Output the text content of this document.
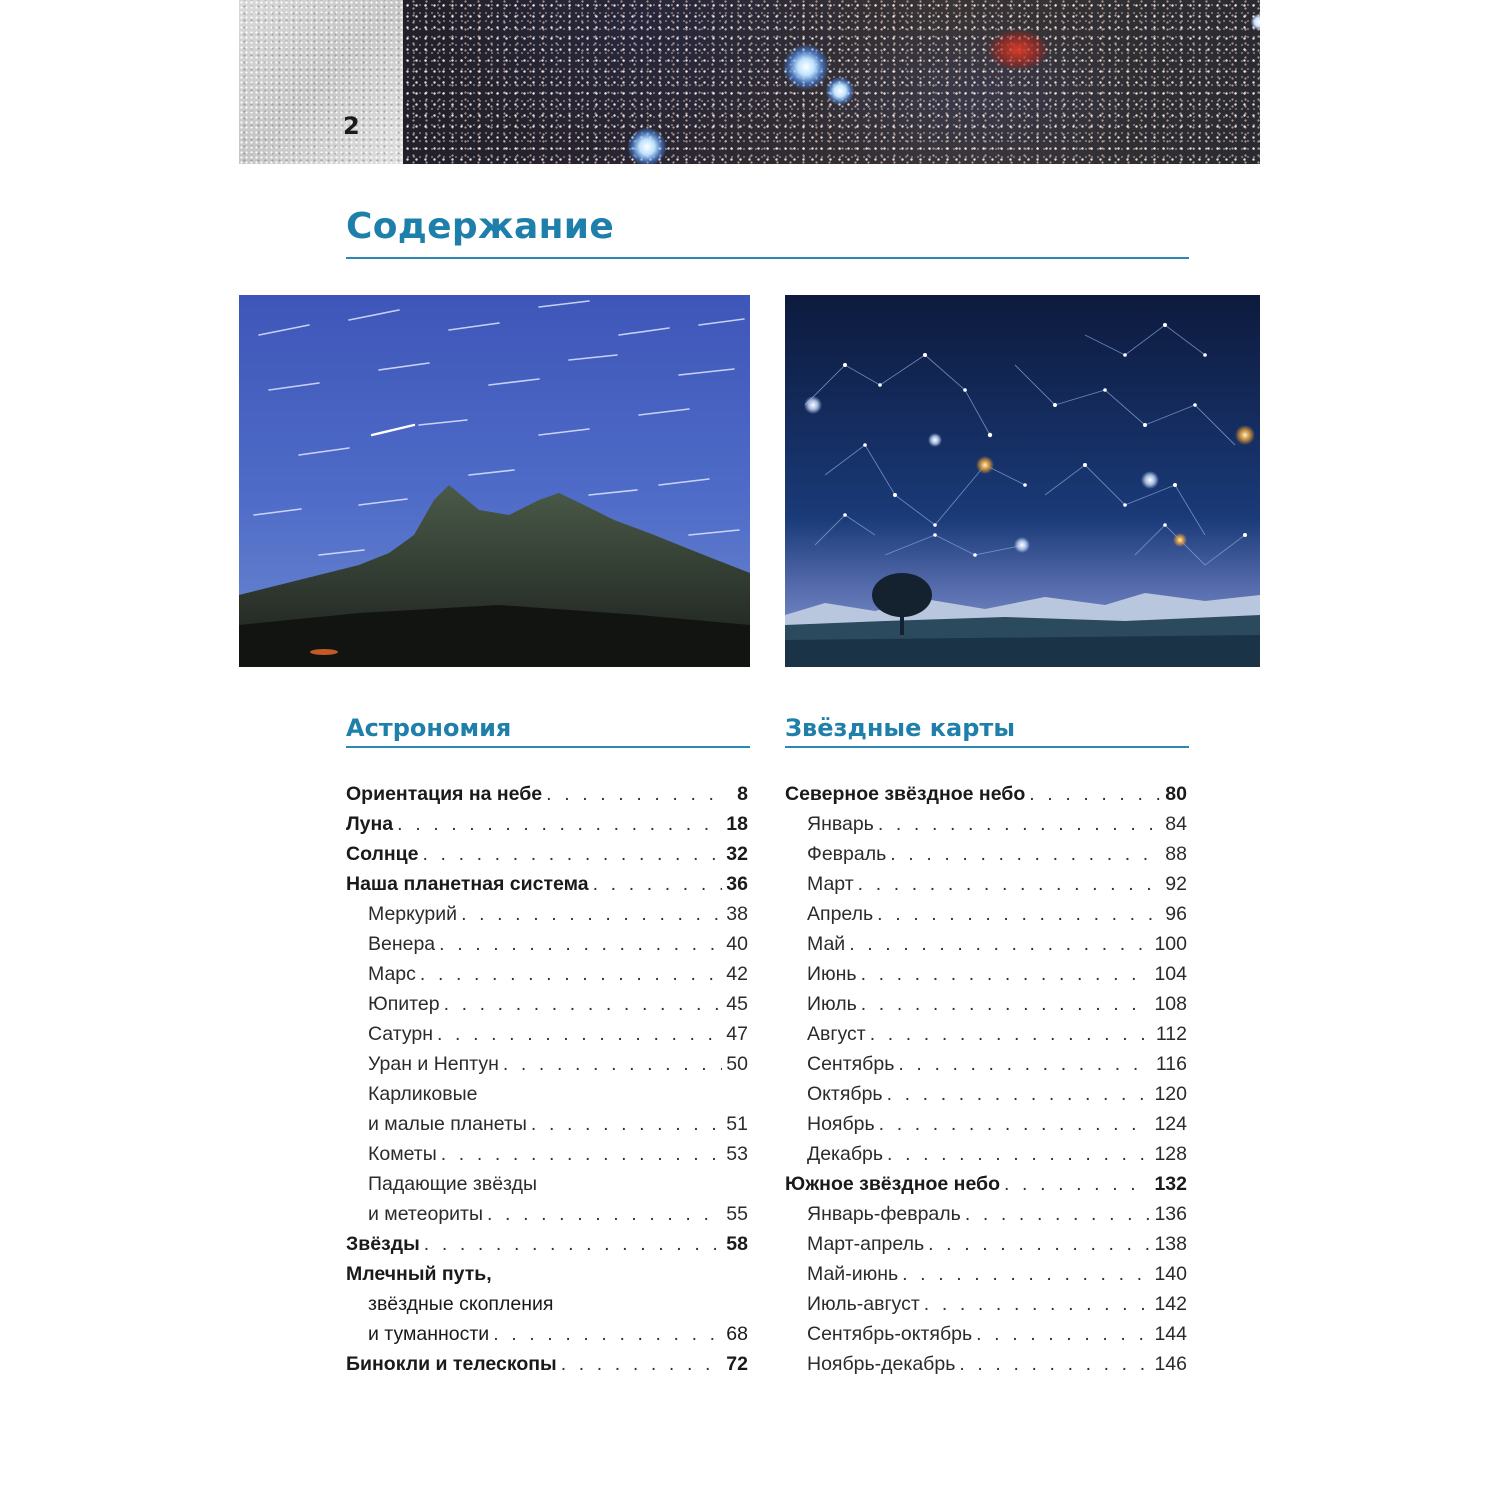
2
Содержание
Астрономия
Ориентация на небе . . .	8
Луна . . .	18
Солнце . . .	32
Наша планетная система . . .	36
Меркурий . . .	38
Венера . . .	40
Марс . . .	42
Юпитер . . .	45
Сатурн . . .	47
Уран и Нептун . . .	50
Карликовые
и малые планеты . . .	51
Кометы . . .	53
Падающие звёзды
и метеориты . . .	55
Звёзды . . .	58
Млечный путь,
звёздные скопления
и туманности . . .	68
Бинокли и телескопы . . .	72
Звёздные карты
Северное звёздное небо . . .	80
Январь . . .	84
Февраль . . .	88
Март . . .	92
Апрель . . .	96
Май . . .	100
Июнь . . .	104
Июль . . .	108
Август . . .	112
Сентябрь . . .	116
Октябрь . . .	120
Ноябрь . . .	124
Декабрь . . .	128
Южное звёздное небо . . .	132
Январь-февраль . . .	136
Март-апрель . . .	138
Май-июнь . . .	140
Июль-август . . .	142
Сентябрь-октябрь . . .	144
Ноябрь-декабрь . . .	146
